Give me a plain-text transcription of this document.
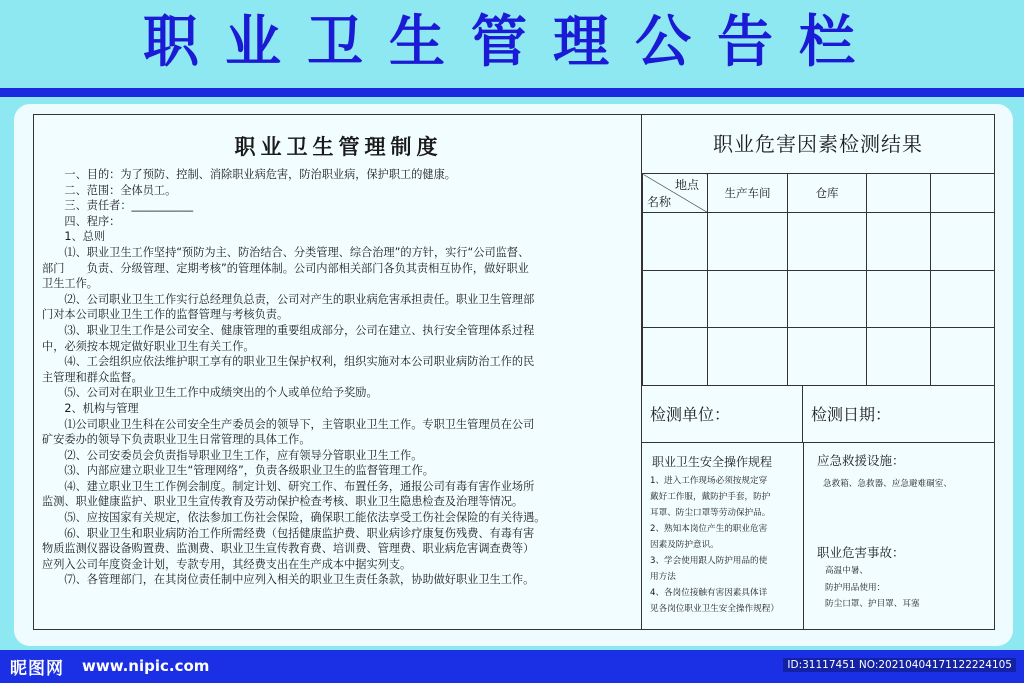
职业卫生管理公告栏
职业卫生管理制度
　　一、目的：为了预防、控制、消除职业病危害，防治职业病，保护职工的健康。
　　二、范围：全体员工。
　　三、责任者：___________
　　四、程序：
　　1、总则
　　⑴、职业卫生工作坚持“预防为主、防治结合、分类管理、综合治理”的方针，实行“公司监督、
部门　　负责、分级管理、定期考核”的管理体制。公司内部相关部门各负其责相互协作，做好职业
卫生工作。
　　⑵、公司职业卫生工作实行总经理负总责，公司对产生的职业病危害承担责任。职业卫生管理部
门对本公司职业卫生工作的监督管理与考核负责。
　　⑶、职业卫生工作是公司安全、健康管理的重要组成部分，公司在建立、执行安全管理体系过程
中，必须按本规定做好职业卫生有关工作。
　　⑷、工会组织应依法维护职工享有的职业卫生保护权利，组织实施对本公司职业病防治工作的民
主管理和群众监督。
　　⑸、公司对在职业卫生工作中成绩突出的个人或单位给予奖励。
　　2、机构与管理
　　⑴公司职业卫生科在公司安全生产委员会的领导下，主管职业卫生工作。专职卫生管理员在公司
矿安委办的领导下负责职业卫生日常管理的具体工作。
　　⑵、公司安委员会负责指导职业卫生工作，应有领导分管职业卫生工作。
　　⑶、内部应建立职业卫生“管理网络”，负责各级职业卫生的监督管理工作。
　　⑷、建立职业卫生工作例会制度。制定计划、研究工作、布置任务，通报公司有毒有害作业场所
监测、职业健康监护、职业卫生宣传教育及劳动保护检查考核、职业卫生隐患检查及治理等情况。
　　⑸、应按国家有关规定，依法参加工伤社会保险，确保职工能依法享受工伤社会保险的有关待遇。
　　⑹、职业卫生和职业病防治工作所需经费（包括健康监护费、职业病诊疗康复伤残费、有毒有害
物质监测仪器设备购置费、监测费、职业卫生宣传教育费、培训费、管理费、职业病危害调查费等）
应列入公司年度资金计划，专款专用，其经费支出在生产成本中据实列支。
　　⑺、各管理部门，在其岗位责任制中应列入相关的职业卫生责任条款，协助做好职业卫生工作。
职业危害因素检测结果
地点
名称	生产车间	仓库		

检测单位：	检测日期：
职业卫生安全操作规程
1、进入工作现场必须按规定穿
戴好工作服，戴防护手套，防护
耳罩、防尘口罩等劳动保护品。
2、熟知本岗位产生的职业危害
因素及防护意识。
3、学会使用跟人防护用品的使
用方法
4、各岗位接触有害因素具体详
见各岗位职业卫生安全操作规程）
应急救援设施：
急救箱、急救器、应急避难硐室、
职业危害事故：
高温中暑、
防护用品使用：
防尘口罩、护目罩、耳塞
昵图网 www.nipic.com	ID:31117451 NO:20210404171122224105
